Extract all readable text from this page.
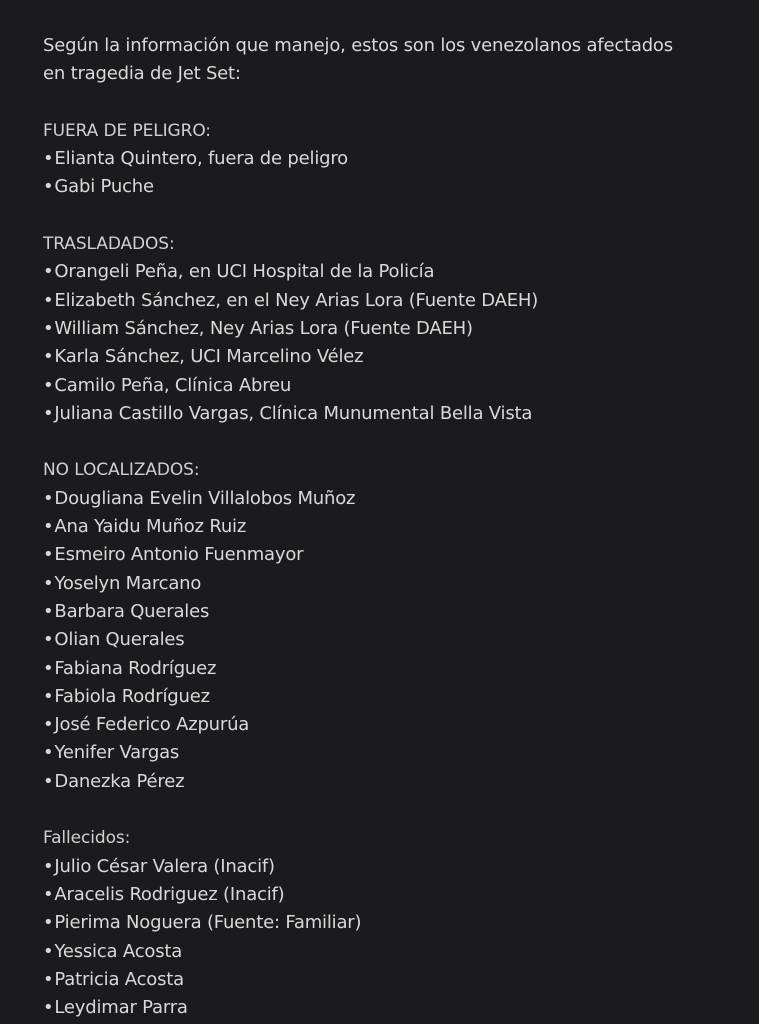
Según la información que manejo, estos son los venezolanos afectados
en tragedia de Jet Set:
FUERA DE PELIGRO:
• Elianta Quintero, fuera de peligro
• Gabi Puche
TRASLADADOS:
• Orangeli Peña, en UCI Hospital de la Policía
• Elizabeth Sánchez, en el Ney Arias Lora (Fuente DAEH)
• William Sánchez, Ney Arias Lora (Fuente DAEH)
• Karla Sánchez, UCI Marcelino Vélez
• Camilo Peña, Clínica Abreu
• Juliana Castillo Vargas, Clínica Munumental Bella Vista
NO LOCALIZADOS:
• Dougliana Evelin Villalobos Muñoz
• Ana Yaidu Muñoz Ruiz
• Esmeiro Antonio Fuenmayor
• Yoselyn Marcano
• Barbara Querales
• Olian Querales
• Fabiana Rodríguez
• Fabiola Rodríguez
• José Federico Azpurúa
• Yenifer Vargas
• Danezka Pérez
Fallecidos:
• Julio César Valera (Inacif)
• Aracelis Rodriguez (Inacif)
• Pierima Noguera (Fuente: Familiar)
• Yessica Acosta
• Patricia Acosta
• Leydimar Parra
